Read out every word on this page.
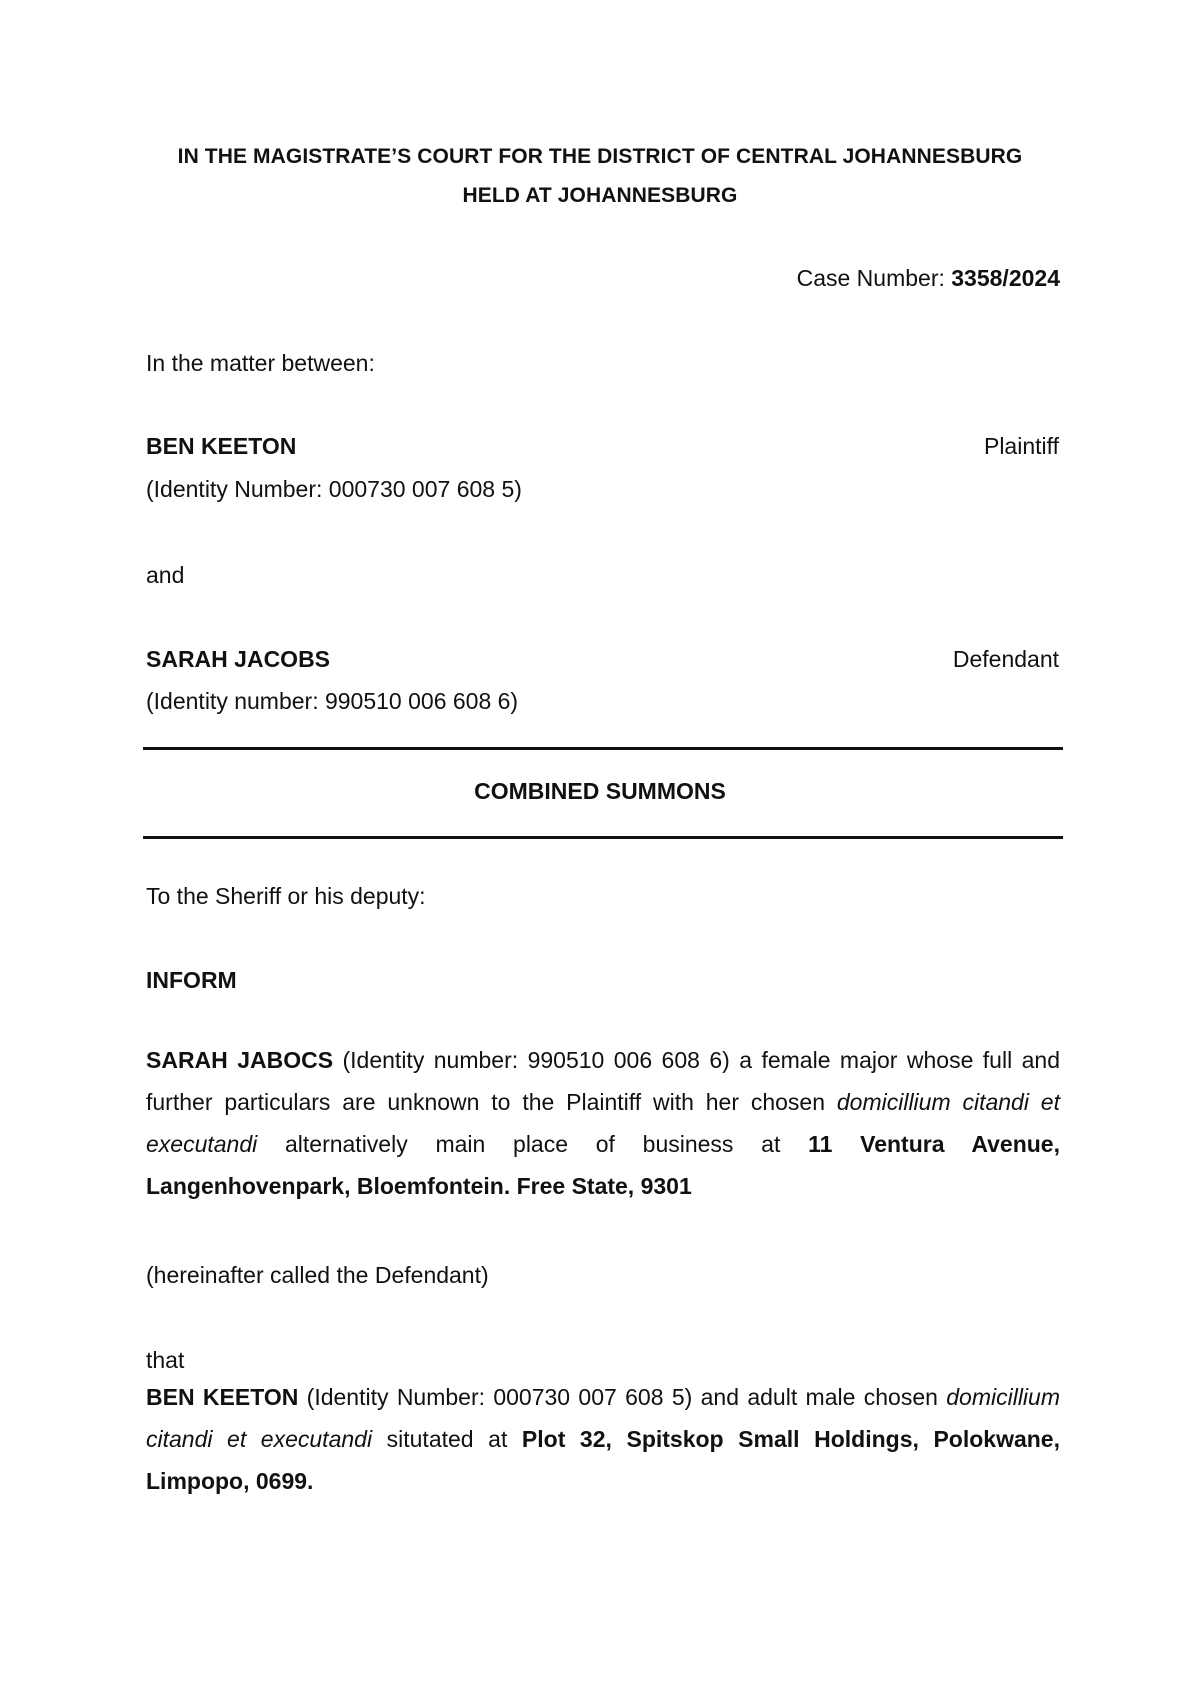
IN THE MAGISTRATE’S COURT FOR THE DISTRICT OF CENTRAL JOHANNESBURG
HELD AT JOHANNESBURG
Case Number: 3358/2024
In the matter between:
BEN KEETON	Plaintiff
(Identity Number: 000730 007 608 5)
and
SARAH JACOBS	Defendant
(Identity number: 990510 006 608 6)
COMBINED SUMMONS
To the Sheriff or his deputy:
INFORM
SARAH JABOCS (Identity number: 990510 006 608 6) a female major whose full and further particulars are unknown to the Plaintiff with her chosen domicillium citandi et executandi alternatively main place of business at 11 Ventura Avenue, Langenhovenpark, Bloemfontein. Free State, 9301
(hereinafter called the Defendant)
that
BEN KEETON (Identity Number: 000730 007 608 5) and adult male chosen domicillium citandi et executandi situtated at Plot 32, Spitskop Small Holdings, Polokwane, Limpopo, 0699.
